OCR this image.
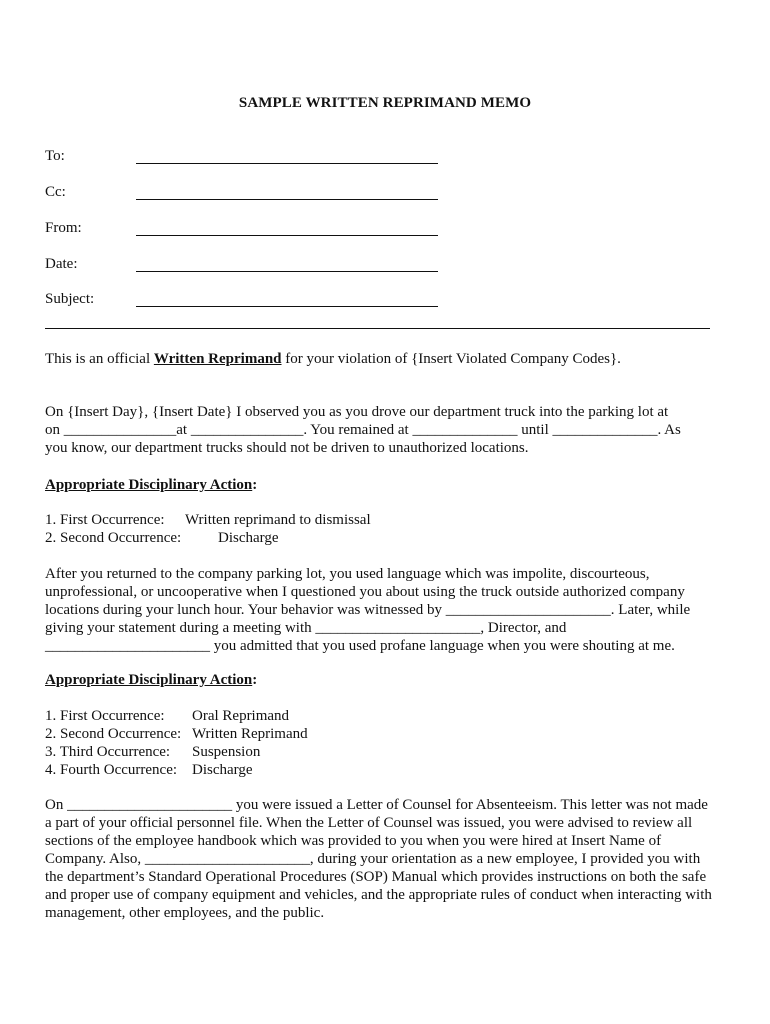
SAMPLE WRITTEN REPRIMAND MEMO
To:
Cc:
From:
Date:
Subject:
This is an official Written Reprimand for your violation of {Insert Violated Company Codes}.
On {Insert Day}, {Insert Date} I observed you as you drove our department truck into the parking lot at
on _______________at _______________. You remained at ______________ until ______________. As
you know, our department trucks should not be driven to unauthorized locations.
Appropriate Disciplinary Action:
1. First Occurrence: Written reprimand to dismissal
2. Second Occurrence: Discharge
After you returned to the company parking lot, you used language which was impolite, discourteous,
unprofessional, or uncooperative when I questioned you about using the truck outside authorized company
locations during your lunch hour. Your behavior was witnessed by ______________________. Later, while
giving your statement during a meeting with ______________________, Director, and
______________________ you admitted that you used profane language when you were shouting at me.
Appropriate Disciplinary Action:
1. First Occurrence: Oral Reprimand
2. Second Occurrence: Written Reprimand
3. Third Occurrence: Suspension
4. Fourth Occurrence: Discharge
On ______________________ you were issued a Letter of Counsel for Absenteeism. This letter was not made
a part of your official personnel file. When the Letter of Counsel was issued, you were advised to review all
sections of the employee handbook which was provided to you when you were hired at Insert Name of
Company. Also, ______________________, during your orientation as a new employee, I provided you with
the department’s Standard Operational Procedures (SOP) Manual which provides instructions on both the safe
and proper use of company equipment and vehicles, and the appropriate rules of conduct when interacting with
management, other employees, and the public.
